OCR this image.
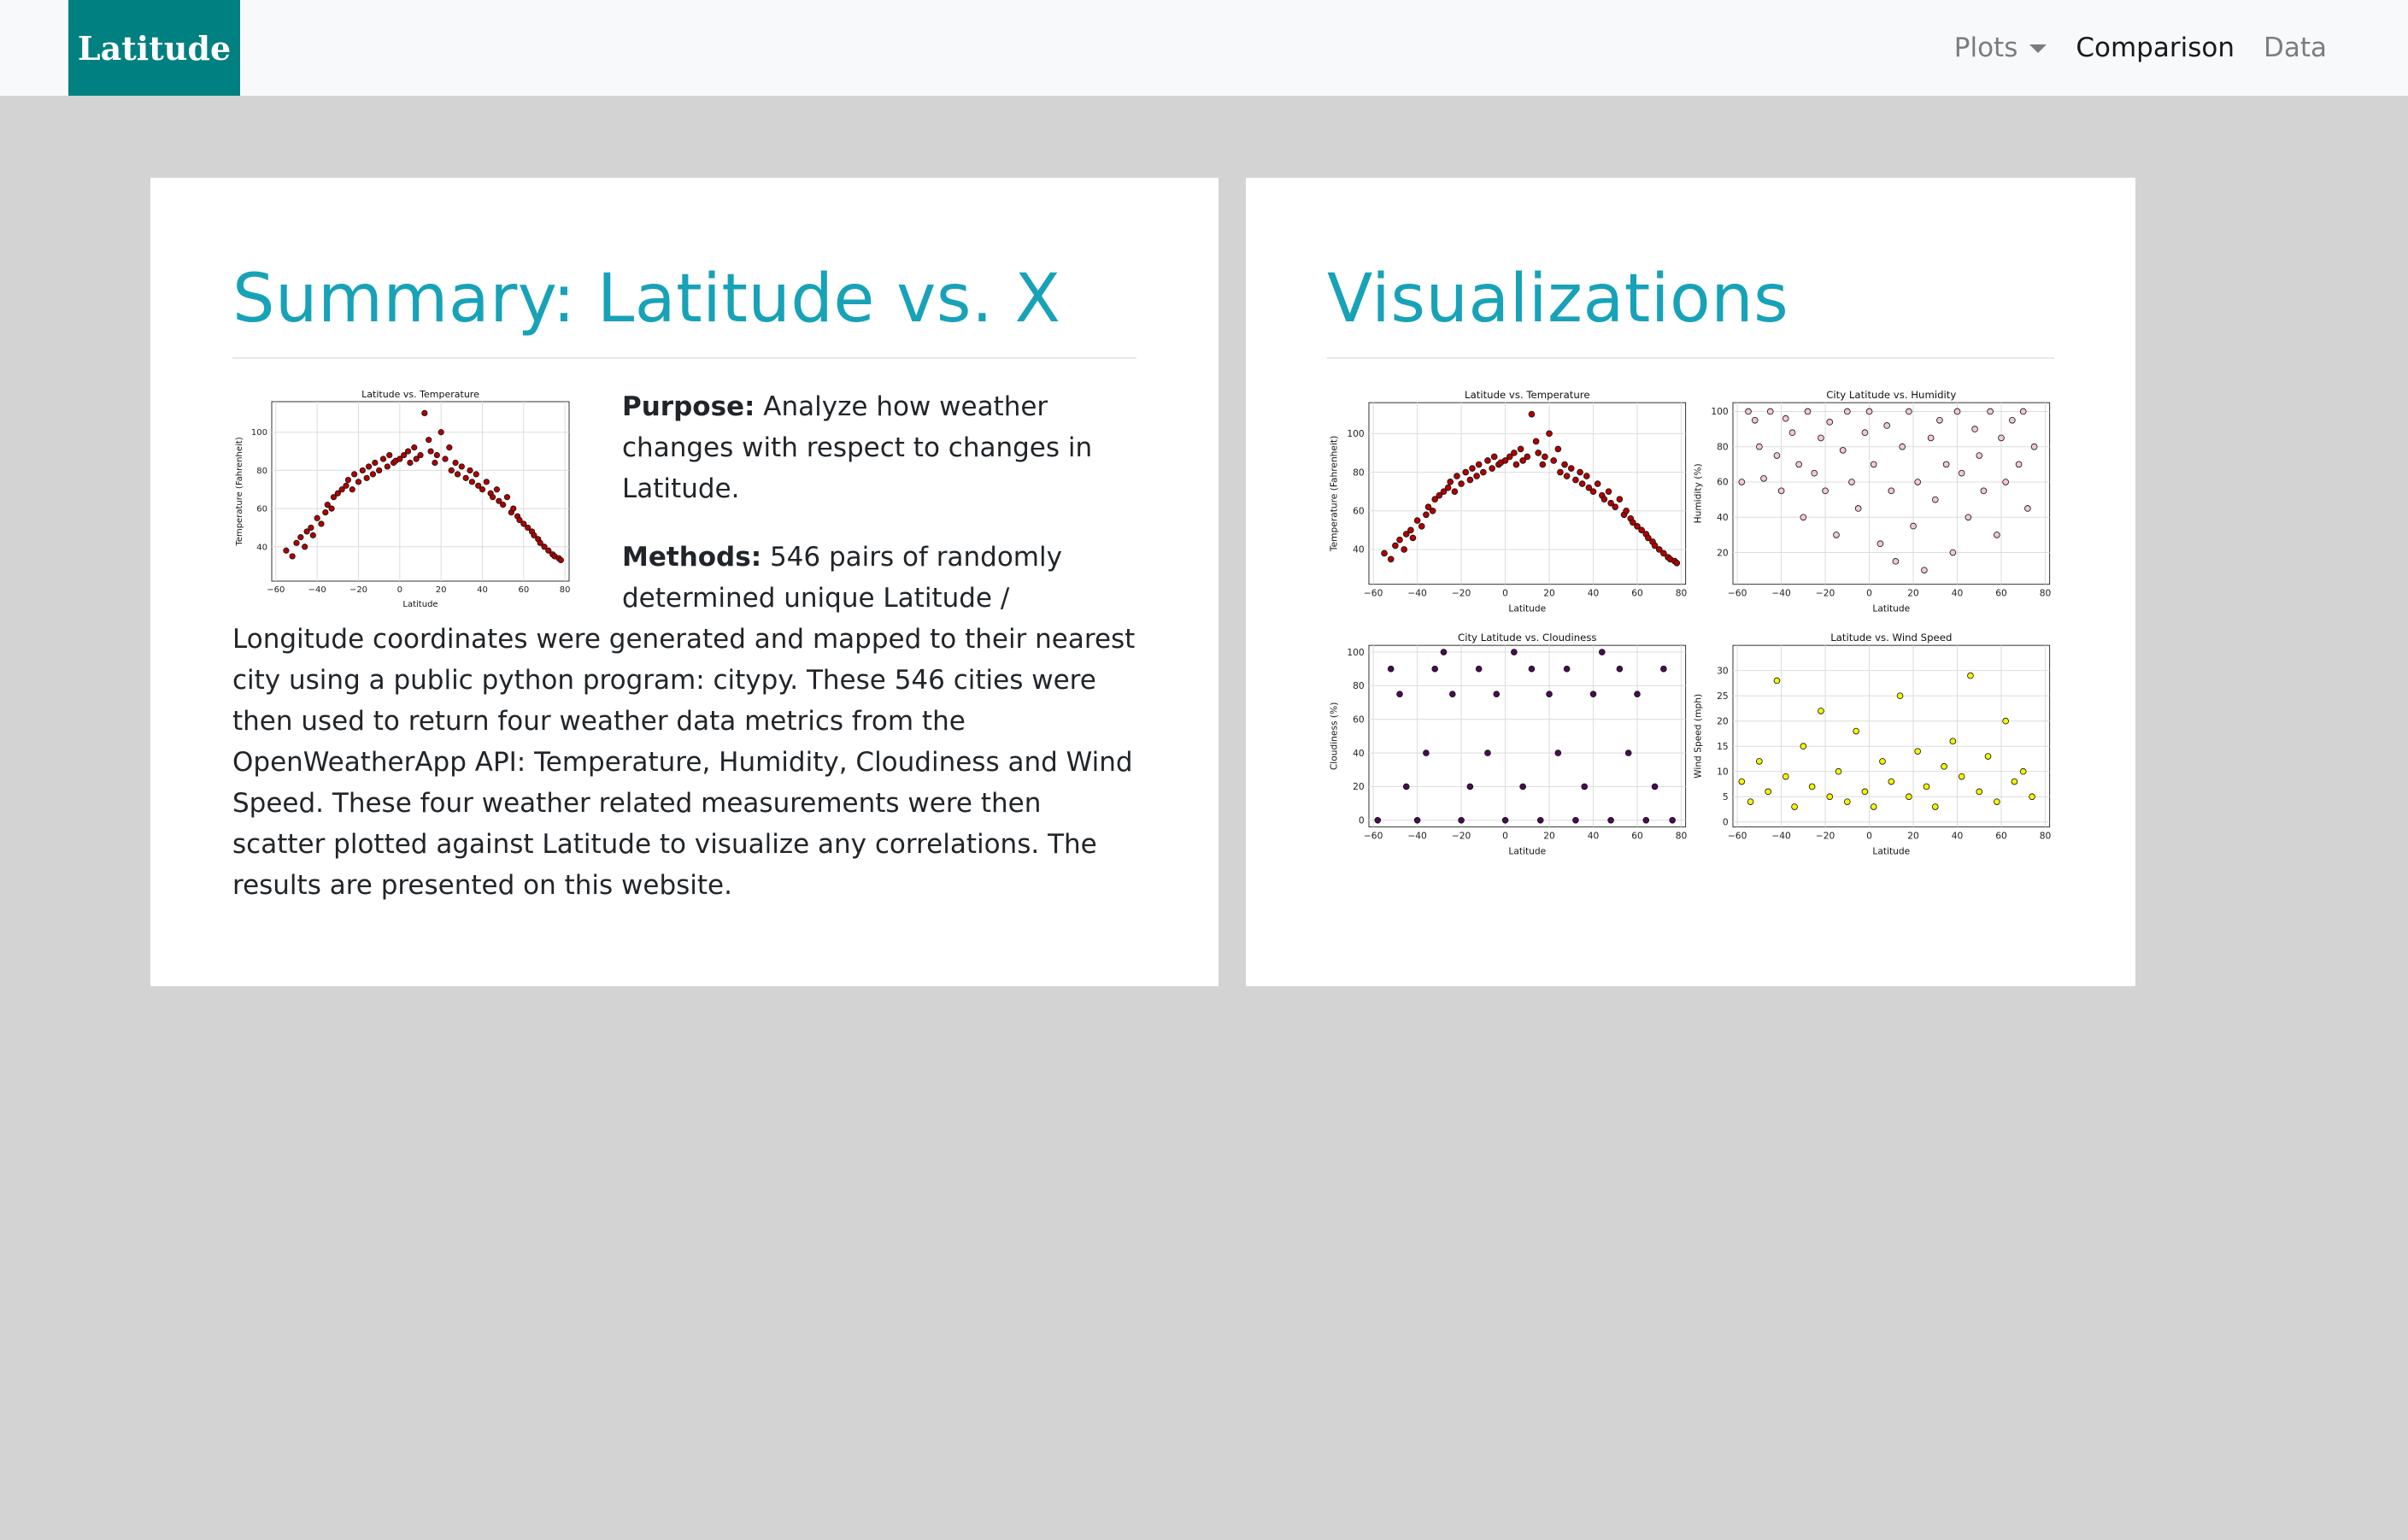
Latitude	Plots Comparison Data
Summary: Latitude vs. X
−60	−40	−20	0	20	40	60	80
40
60
80
100
Latitude vs. Temperature
Latitude
Temperature (Fahrenheit)

Purpose: Analyze how weather changes with respect to changes in Latitude.

Methods: 546 pairs of randomly determined unique Latitude / Longitude coordinates were generated and mapped to their nearest city using a public python program: citypy. These 546 cities were then used to return four weather data metrics from the OpenWeatherApp API: Temperature, Humidity, Cloudiness and Wind Speed. These four weather related measurements were then scatter plotted against Latitude to visualize any correlations. The results are presented on this website.

Visualizations
−60	−40	−20	0	20	40	60	80
40
60
80
100
Latitude vs. Temperature
Latitude
Temperature (Fahrenheit)
−60	−40	−20	0	20	40	60	80
20
40
60
80
100
City Latitude vs. Humidity
Latitude
Humidity (%)
−60	−40	−20	0	20	40	60	80
0
20
40
60
80
100
City Latitude vs. Cloudiness
Latitude
Cloudiness (%)
−60	−40	−20	0	20	40	60	80
0
5
10
15
20
25
30
Latitude vs. Wind Speed
Latitude
Wind Speed (mph)
